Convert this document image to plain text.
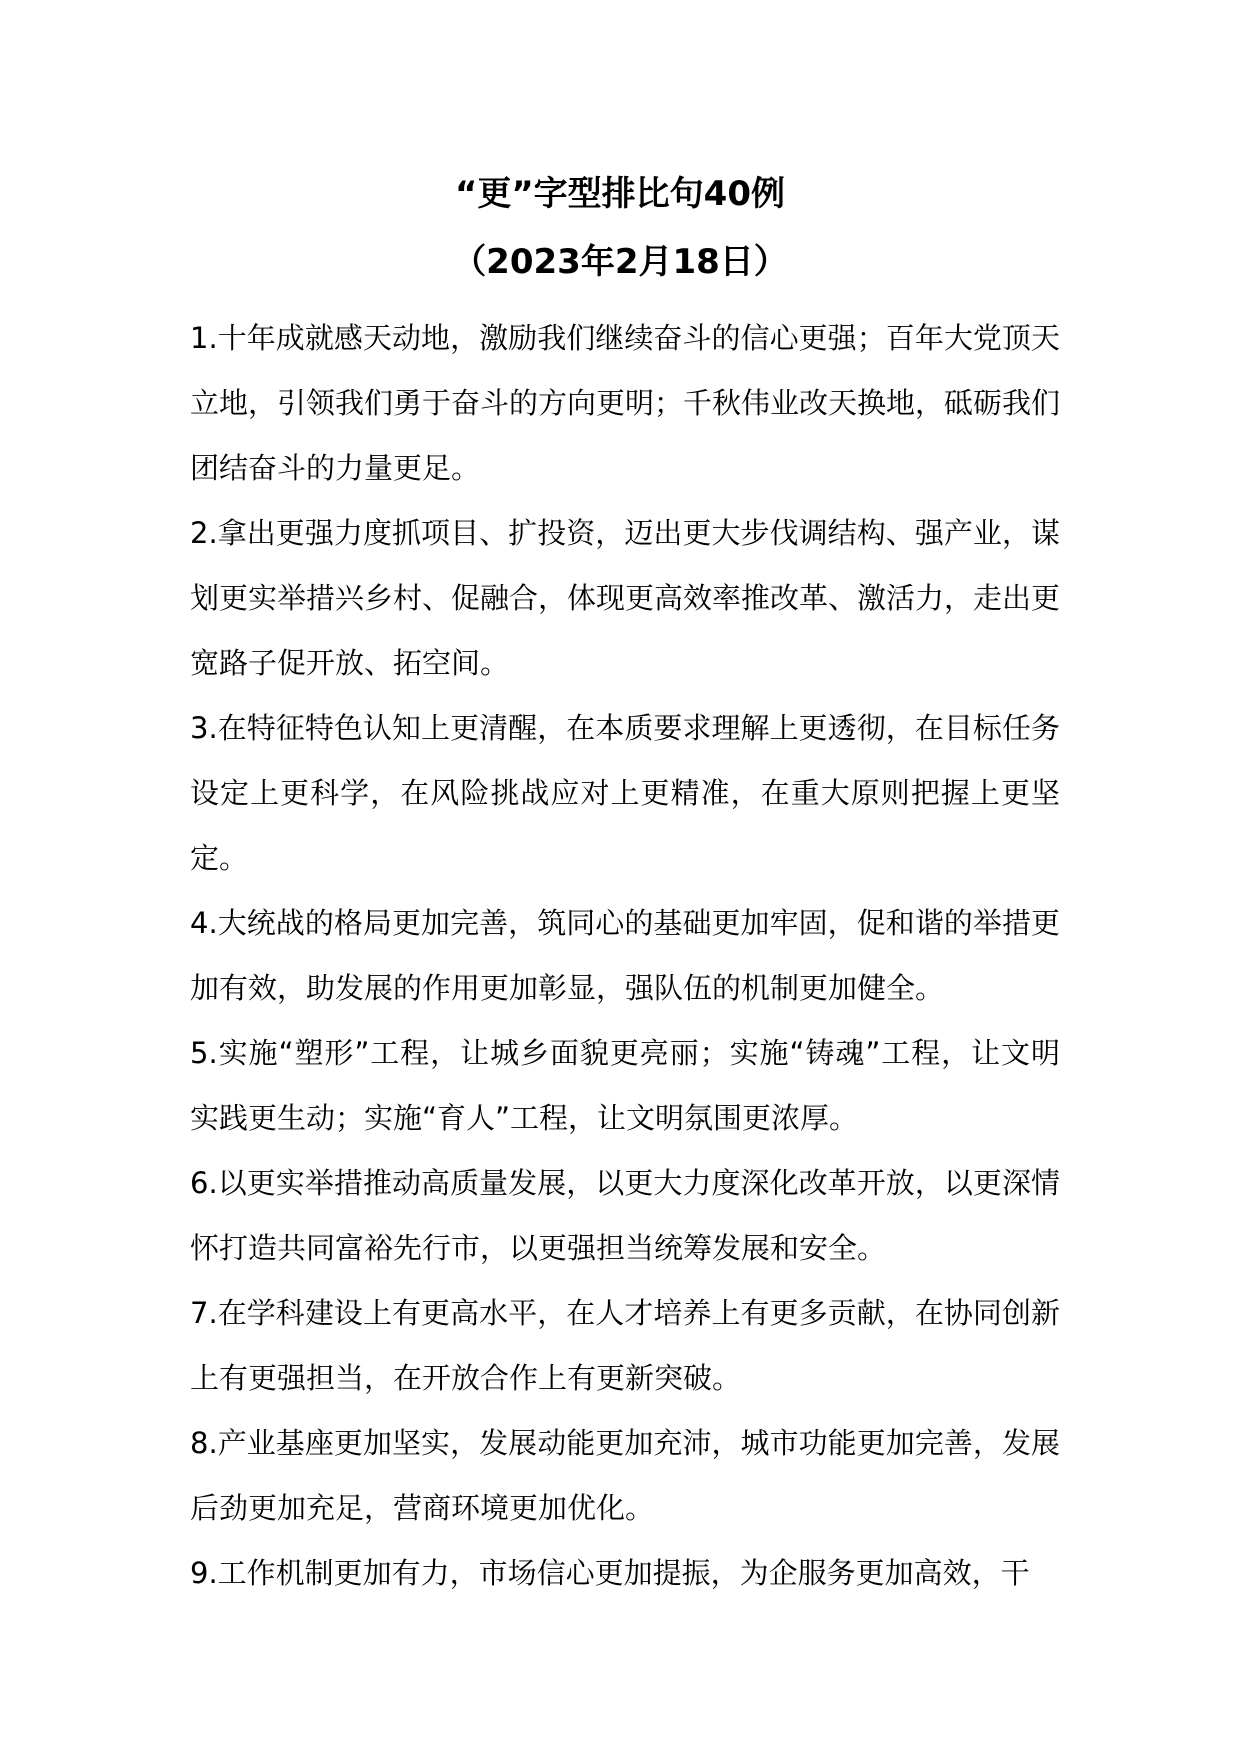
“更”字型排比句40例
（2023年2月18日）

1.十年成就感天动地，激励我们继续奋斗的信心更强；百年大党顶天立地，引领我们勇于奋斗的方向更明；千秋伟业改天换地，砥砺我们团结奋斗的力量更足。

2.拿出更强力度抓项目、扩投资，迈出更大步伐调结构、强产业，谋划更实举措兴乡村、促融合，体现更高效率推改革、激活力，走出更宽路子促开放、拓空间。

3.在特征特色认知上更清醒，在本质要求理解上更透彻，在目标任务设定上更科学，在风险挑战应对上更精准，在重大原则把握上更坚定。

4.大统战的格局更加完善，筑同心的基础更加牢固，促和谐的举措更加有效，助发展的作用更加彰显，强队伍的机制更加健全。

5.实施“塑形”工程，让城乡面貌更亮丽；实施“铸魂”工程，让文明实践更生动；实施“育人”工程，让文明氛围更浓厚。

6.以更实举措推动高质量发展，以更大力度深化改革开放，以更深情怀打造共同富裕先行市，以更强担当统筹发展和安全。

7.在学科建设上有更高水平，在人才培养上有更多贡献，在协同创新上有更强担当，在开放合作上有更新突破。

8.产业基座更加坚实，发展动能更加充沛，城市功能更加完善，发展后劲更加充足，营商环境更加优化。

9.工作机制更加有力，市场信心更加提振，为企服务更加高效，干
